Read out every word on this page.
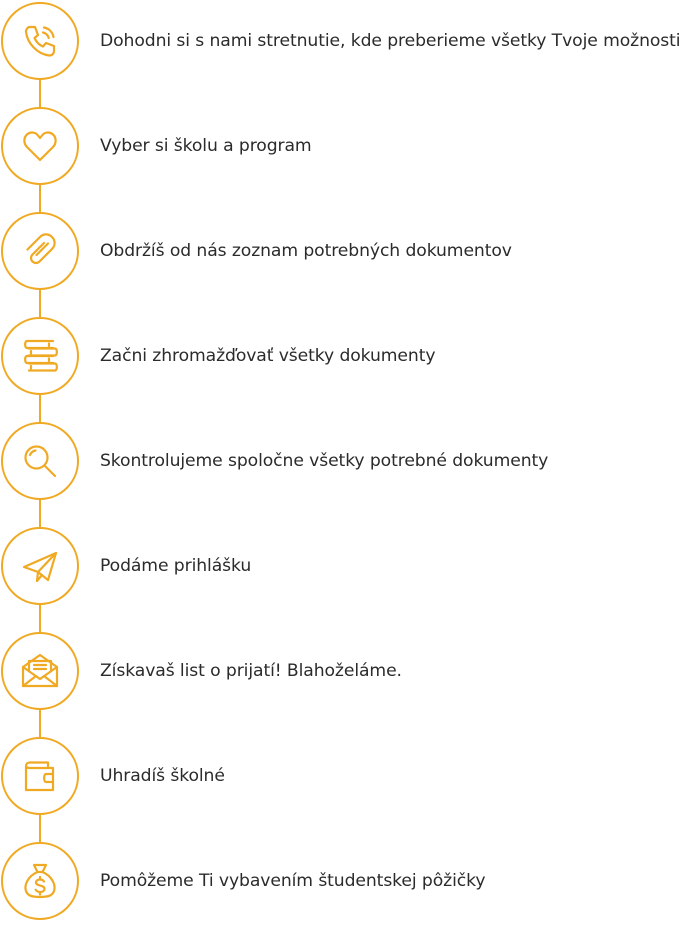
Dohodni si s nami stretnutie, kde preberieme všetky Tvoje možnosti
Vyber si školu a program
Obdržíš od nás zoznam potrebných dokumentov
Začni zhromažďovať všetky dokumenty
Skontrolujeme spoločne všetky potrebné dokumenty
Podáme prihlášku
Získavaš list o prijatí! Blahoželáme.
Uhradíš školné
Pomôžeme Ti vybavením študentskej pôžičky
